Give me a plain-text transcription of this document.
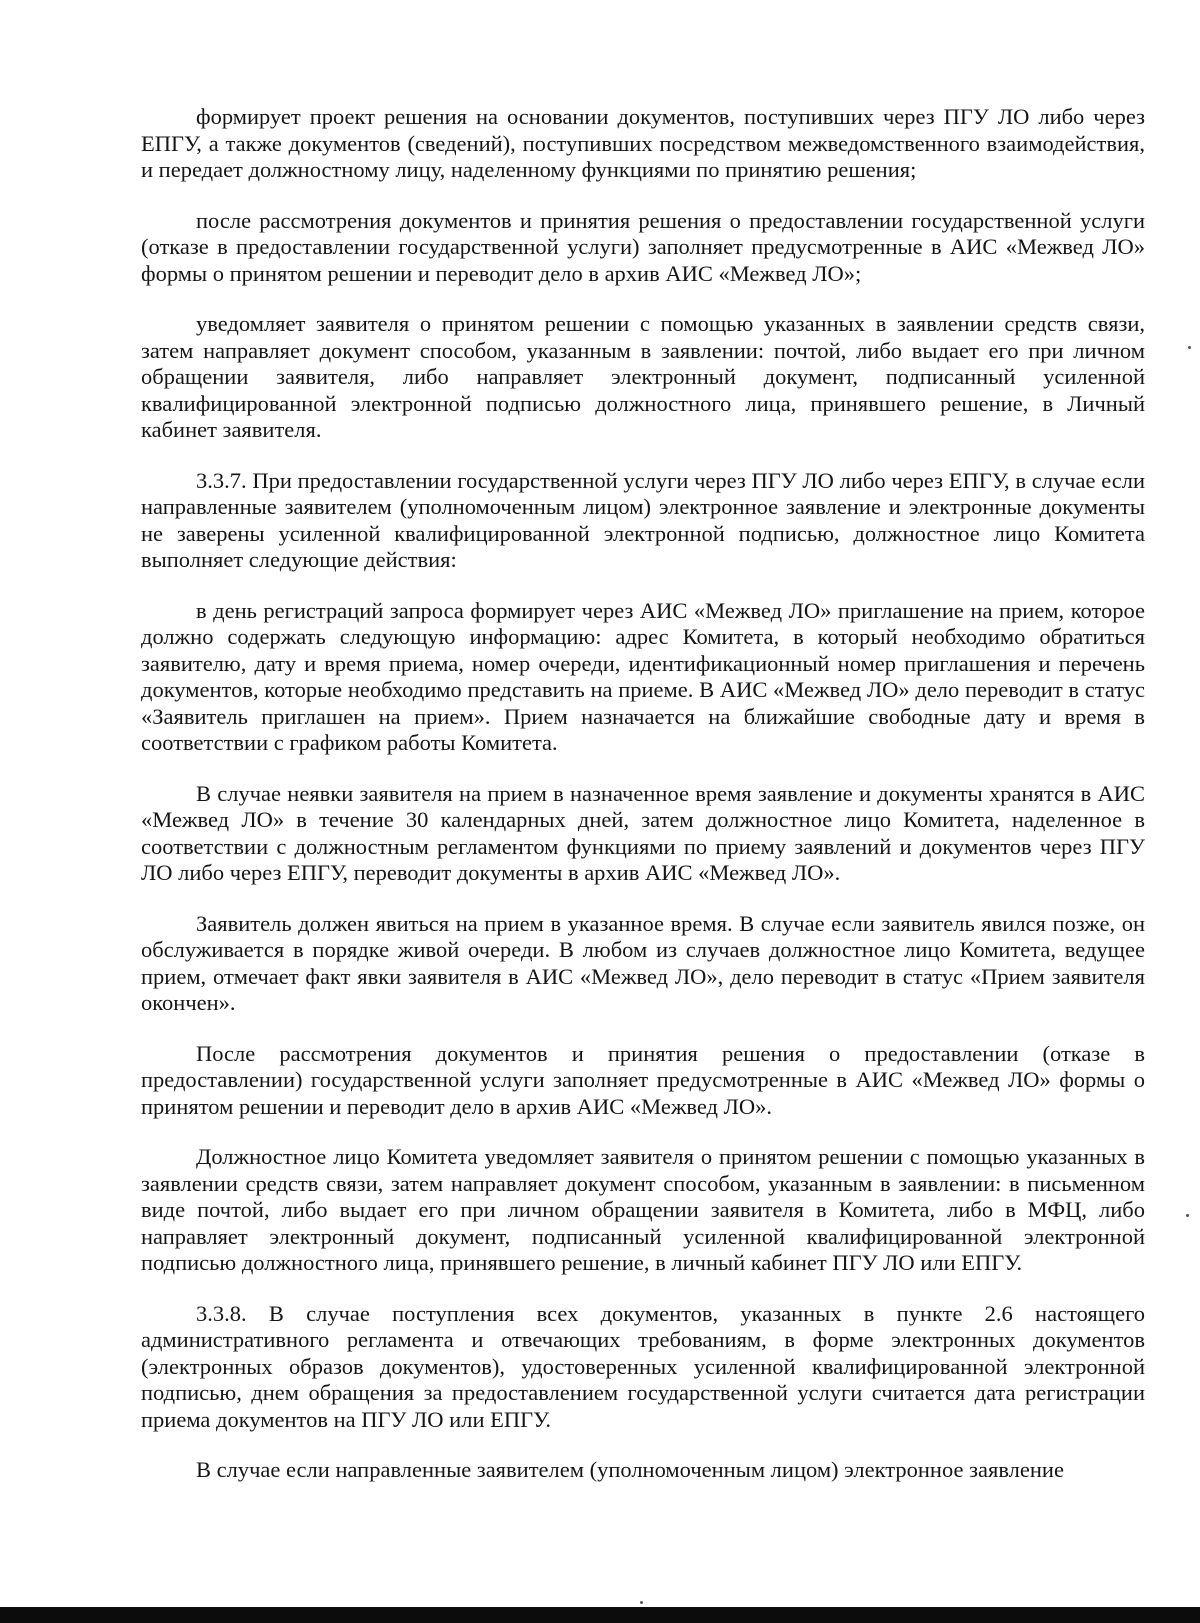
формирует проект решения на основании документов, поступивших через ПГУ ЛО либо через ЕПГУ, а также документов (сведений), поступивших посредством межведомственного взаимодействия, и передает должностному лицу, наделенному функциями по принятию решения;

после рассмотрения документов и принятия решения о предоставлении государственной услуги (отказе в предоставлении государственной услуги) заполняет предусмотренные в АИС «Межвед ЛО» формы о принятом решении и переводит дело в архив АИС «Межвед ЛО»;

уведомляет заявителя о принятом решении с помощью указанных в заявлении средств связи, затем направляет документ способом, указанным в заявлении: почтой, либо выдает его при личном обращении заявителя, либо направляет электронный документ, подписанный усиленной квалифицированной электронной подписью должностного лица, принявшего решение, в Личный кабинет заявителя.

3.3.7. При предоставлении государственной услуги через ПГУ ЛО либо через ЕПГУ, в случае если направленные заявителем (уполномоченным лицом) электронное заявление и электронные документы не заверены усиленной квалифицированной электронной подписью, должностное лицо Комитета выполняет следующие действия:

в день регистраций запроса формирует через АИС «Межвед ЛО» приглашение на прием, которое должно содержать следующую информацию: адрес Комитета, в который необходимо обратиться заявителю, дату и время приема, номер очереди, идентификационный номер приглашения и перечень документов, которые необходимо представить на приеме. В АИС «Межвед ЛО» дело переводит в статус «Заявитель приглашен на прием». Прием назначается на ближайшие свободные дату и время в соответствии с графиком работы Комитета.

В случае неявки заявителя на прием в назначенное время заявление и документы хранятся в АИС «Межвед ЛО» в течение 30 календарных дней, затем должностное лицо Комитета, наделенное в соответствии с должностным регламентом функциями по приему заявлений и документов через ПГУ ЛО либо через ЕПГУ, переводит документы в архив АИС «Межвед ЛО».

Заявитель должен явиться на прием в указанное время. В случае если заявитель явился позже, он обслуживается в порядке живой очереди. В любом из случаев должностное лицо Комитета, ведущее прием, отмечает факт явки заявителя в АИС «Межвед ЛО», дело переводит в статус «Прием заявителя окончен».

После рассмотрения документов и принятия решения о предоставлении (отказе в предоставлении) государственной услуги заполняет предусмотренные в АИС «Межвед ЛО» формы о принятом решении и переводит дело в архив АИС «Межвед ЛО».

Должностное лицо Комитета уведомляет заявителя о принятом решении с помощью указанных в заявлении средств связи, затем направляет документ способом, указанным в заявлении: в письменном виде почтой, либо выдает его при личном обращении заявителя в Комитета, либо в МФЦ, либо направляет электронный документ, подписанный усиленной квалифицированной электронной подписью должностного лица, принявшего решение, в личный кабинет ПГУ ЛО или ЕПГУ.

3.3.8. В случае поступления всех документов, указанных в пункте 2.6 настоящего административного регламента и отвечающих требованиям, в форме электронных документов (электронных образов документов), удостоверенных усиленной квалифицированной электронной подписью, днем обращения за предоставлением государственной услуги считается дата регистрации приема документов на ПГУ ЛО или ЕПГУ.

В случае если направленные заявителем (уполномоченным лицом) электронное заявление
